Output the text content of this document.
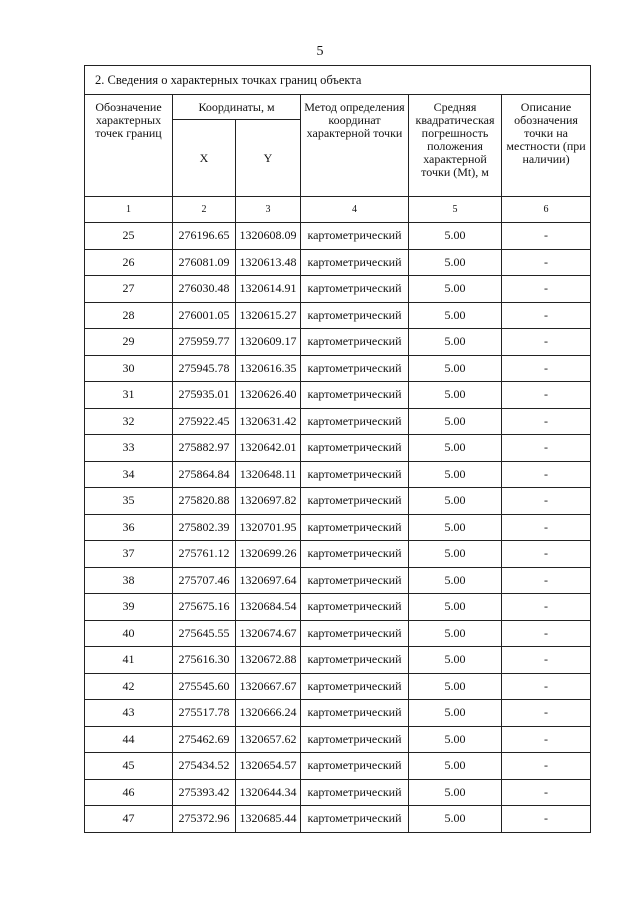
5
2. Сведения о характерных точках границ объекта					
Обозначение характерных точек границ	Координаты, м		Метод определения координат характерной точки	Средняя квадратическая погрешность положения характерной точки (Mt), м	Описание обозначения точки на местности (при наличии)
	X	Y			
1	2	3	4	5	6
25	276196.65	1320608.09	картометрический	5.00	-
26	276081.09	1320613.48	картометрический	5.00	-
27	276030.48	1320614.91	картометрический	5.00	-
28	276001.05	1320615.27	картометрический	5.00	-
29	275959.77	1320609.17	картометрический	5.00	-
30	275945.78	1320616.35	картометрический	5.00	-
31	275935.01	1320626.40	картометрический	5.00	-
32	275922.45	1320631.42	картометрический	5.00	-
33	275882.97	1320642.01	картометрический	5.00	-
34	275864.84	1320648.11	картометрический	5.00	-
35	275820.88	1320697.82	картометрический	5.00	-
36	275802.39	1320701.95	картометрический	5.00	-
37	275761.12	1320699.26	картометрический	5.00	-
38	275707.46	1320697.64	картометрический	5.00	-
39	275675.16	1320684.54	картометрический	5.00	-
40	275645.55	1320674.67	картометрический	5.00	-
41	275616.30	1320672.88	картометрический	5.00	-
42	275545.60	1320667.67	картометрический	5.00	-
43	275517.78	1320666.24	картометрический	5.00	-
44	275462.69	1320657.62	картометрический	5.00	-
45	275434.52	1320654.57	картометрический	5.00	-
46	275393.42	1320644.34	картометрический	5.00	-
47	275372.96	1320685.44	картометрический	5.00	-
